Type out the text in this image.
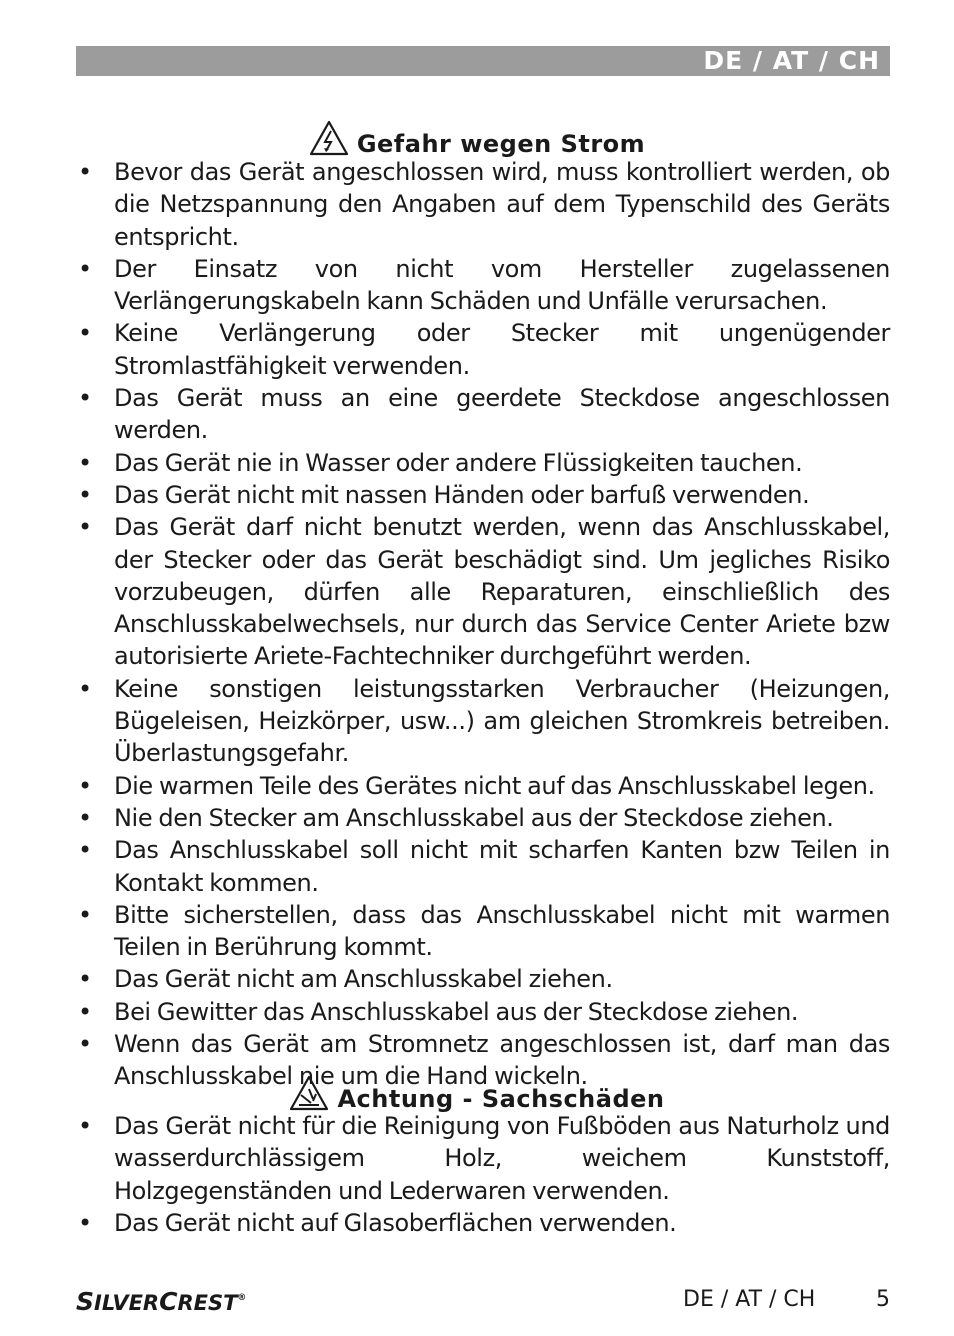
DE / AT / CH
Gefahr wegen Strom
• Bevor das Gerät angeschlossen wird, muss kontrolliert werden, ob die Netzspannung den Angaben auf dem Typenschild des Geräts entspricht.
• Der Einsatz von nicht vom Hersteller zugelassenen Verlängerungskabeln kann Schäden und Unfälle verursachen.
• Keine Verlängerung oder Stecker mit ungenügender Stromlastfähigkeit verwenden.
• Das Gerät muss an eine geerdete Steckdose angeschlossen werden.
• Das Gerät nie in Wasser oder andere Flüssigkeiten tauchen.
• Das Gerät nicht mit nassen Händen oder barfuß verwenden.
• Das Gerät darf nicht benutzt werden, wenn das Anschlusskabel, der Stecker oder das Gerät beschädigt sind. Um jegliches Risiko vorzubeugen, dürfen alle Reparaturen, einschließlich des Anschlusskabelwechsels, nur durch das Service Center Ariete bzw autorisierte Ariete-Fachtechniker durchgeführt werden.
• Keine sonstigen leistungsstarken Verbraucher (Heizungen, Bügeleisen, Heizkörper, usw...) am gleichen Stromkreis betreiben. Überlastungsgefahr.
• Die warmen Teile des Gerätes nicht auf das Anschlusskabel legen.
• Nie den Stecker am Anschlusskabel aus der Steckdose ziehen.
• Das Anschlusskabel soll nicht mit scharfen Kanten bzw Teilen in Kontakt kommen.
• Bitte sicherstellen, dass das Anschlusskabel nicht mit warmen Teilen in Berührung kommt.
• Das Gerät nicht am Anschlusskabel ziehen.
• Bei Gewitter das Anschlusskabel aus der Steckdose ziehen.
• Wenn das Gerät am Stromnetz angeschlossen ist, darf man das Anschlusskabel nie um die Hand wickeln.
Achtung - Sachschäden
• Das Gerät nicht für die Reinigung von Fußböden aus Naturholz und wasserdurchlässigem Holz, weichem Kunststoff, Holzgegenständen und Lederwaren verwenden.
• Das Gerät nicht auf Glasoberflächen verwenden.
SILVERCREST®	DE / AT / CH	5
